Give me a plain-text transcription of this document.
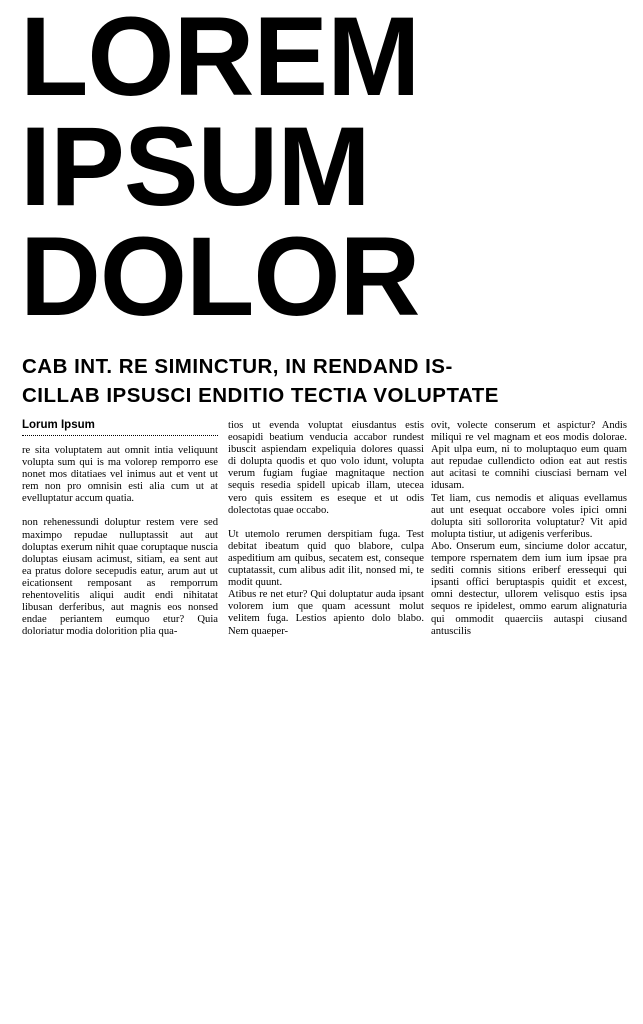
LOREM
IPSUM
DOLOR
CAB INT. RE SIMINCTUR, IN RENDAND IS-
CILLAB IPSUSCI ENDITIO TECTIA VOLUPTATE
Lorum Ipsum

re sita voluptatem aut omnit intia veliquunt volupta sum qui is ma volorep remporro ese nonet mos ditatiaes vel inimus aut et vent ut rem non pro omnisin esti alia cum ut at evelluptatur accum quatia.

non rehenessundi doluptur restem vere sed maximpo repudae nulluptassit aut aut doluptas exerum nihit quae coruptaque nuscia doluptas eiusam acimust, sitiam, ea sent aut ea pratus dolore secepudis eatur, arum aut ut eicationsent remposant as remporrum rehentovelitis aliqui audit endi nihitatat libusan derferibus, aut magnis eos nonsed endae periantem eumquo etur? Quia doloriatur modia dolorition plia qua-

tios ut evenda voluptat eiusdantus estis eosapidi beatium venducia accabor rundest ibuscit aspiendam expeliquia dolores quassi di doluptа quodis et quo volo idunt, volupta verum fugiam fugiae magnitaque nection sequis resedia spidell upicab illam, utecea vero quis essitem es eseque et ut odis dolectotas quae occabo.

Ut utemolo rerumen derspitiam fuga. Test debitat ibeatum quid quo blabore, culpa aspeditium am quibus, secatem est, conseque cuptatassit, cum alibus adit ilit, nonsed mi, te modit quunt.

Atibus re net etur? Qui doluptatur auda ipsant volorem ium que quam acessunt molut velitem fuga. Lestios apiento dolo blabo. Nem quaeper-

ovit, volecte conserum et aspictur? Andis miliqui re vel magnam et eos modis dolorae. Apit ulpa eum, ni to moluptaquo eum quam aut repudae cullendicto odion eat aut restis aut acitasi te comnihi ciusciasi bernam vel idusam.

Tet liam, cus nemodis et aliquas evellamus aut unt esequat occabore voles ipici omni dolupta siti sollororita voluptatur? Vit apid molupta tistiur, ut adigenis verferibus.

Abo. Onserum eum, sinciume dolor accatur, tempore rspernatem dem ium ium ipsae pra sediti comnis sitions eriberf eressequi qui ipsanti offici beruptaspis quidit et excest, omni destectur, ullorem velisquo estis ipsa sequos re ipidelest, ommo earum alignaturia qui ommodit quaerciis autaspi ciusand antuscilis
